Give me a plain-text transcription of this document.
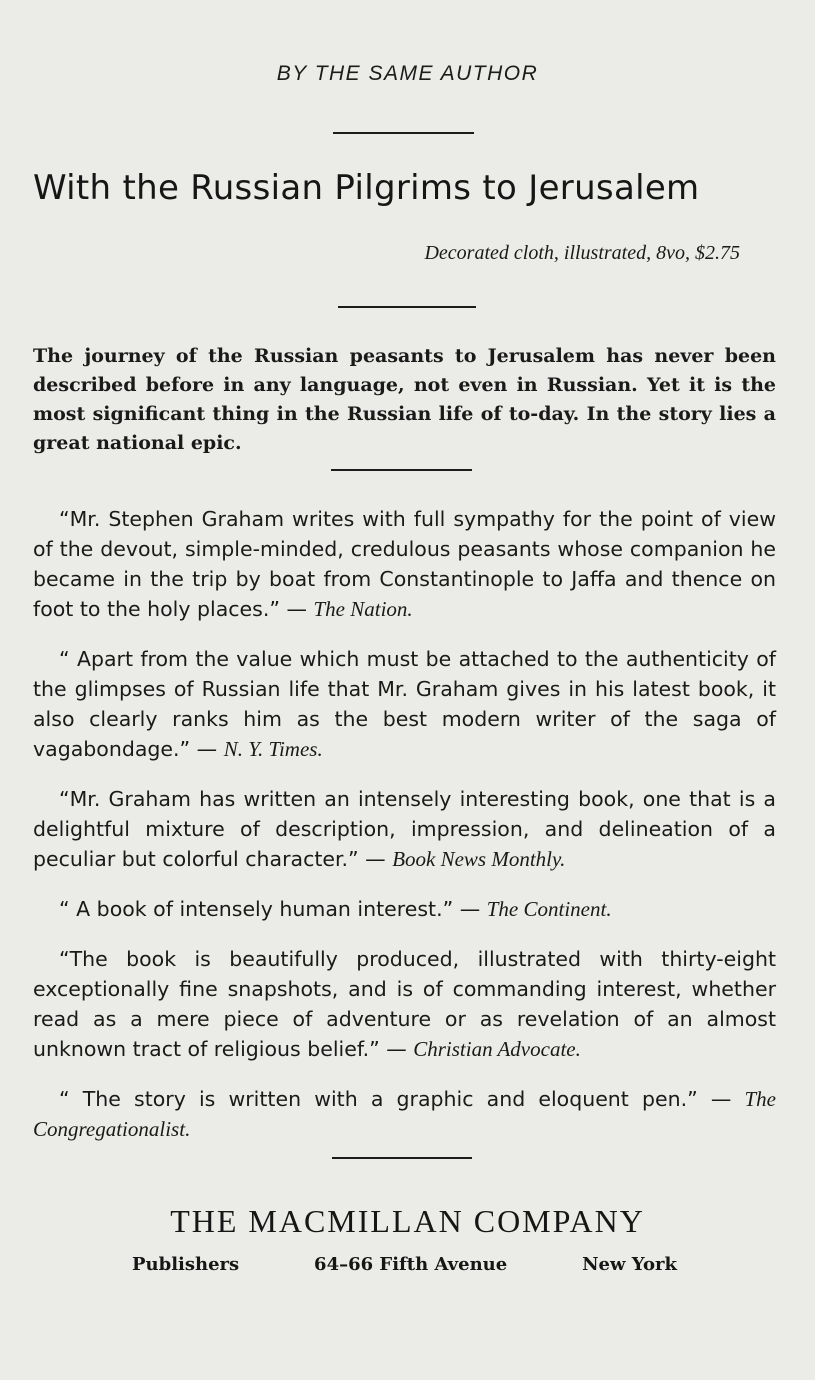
BY THE SAME AUTHOR
With the Russian Pilgrims to Jerusalem
Decorated cloth, illustrated, 8vo, $2.75

The journey of the Russian peasants to Jerusalem has never been described before in any language, not even in Russian. Yet it is the most significant thing in the Russian life of to-day. In the story lies a great national epic.

“Mr. Stephen Graham writes with full sympathy for the point of view of the devout, simple-minded, credulous peasants whose companion he became in the trip by boat from Constantinople to Jaffa and thence on foot to the holy places.” — The Nation.
“ Apart from the value which must be attached to the authenticity of the glimpses of Russian life that Mr. Graham gives in his latest book, it also clearly ranks him as the best modern writer of the saga of vagabondage.” — N. Y. Times.
“Mr. Graham has written an intensely interesting book, one that is a delightful mixture of description, impression, and delineation of a peculiar but colorful character.” — Book News Monthly.
“ A book of intensely human interest.” — The Continent.
“The book is beautifully produced, illustrated with thirty-eight exceptionally fine snapshots, and is of commanding interest, whether read as a mere piece of adventure or as revelation of an almost unknown tract of religious belief.” — Christian Advocate.
“ The story is written with a graphic and eloquent pen.” — The Congregationalist.
THE MACMILLAN COMPANY
Publishers	64–66 Fifth Avenue	New York
